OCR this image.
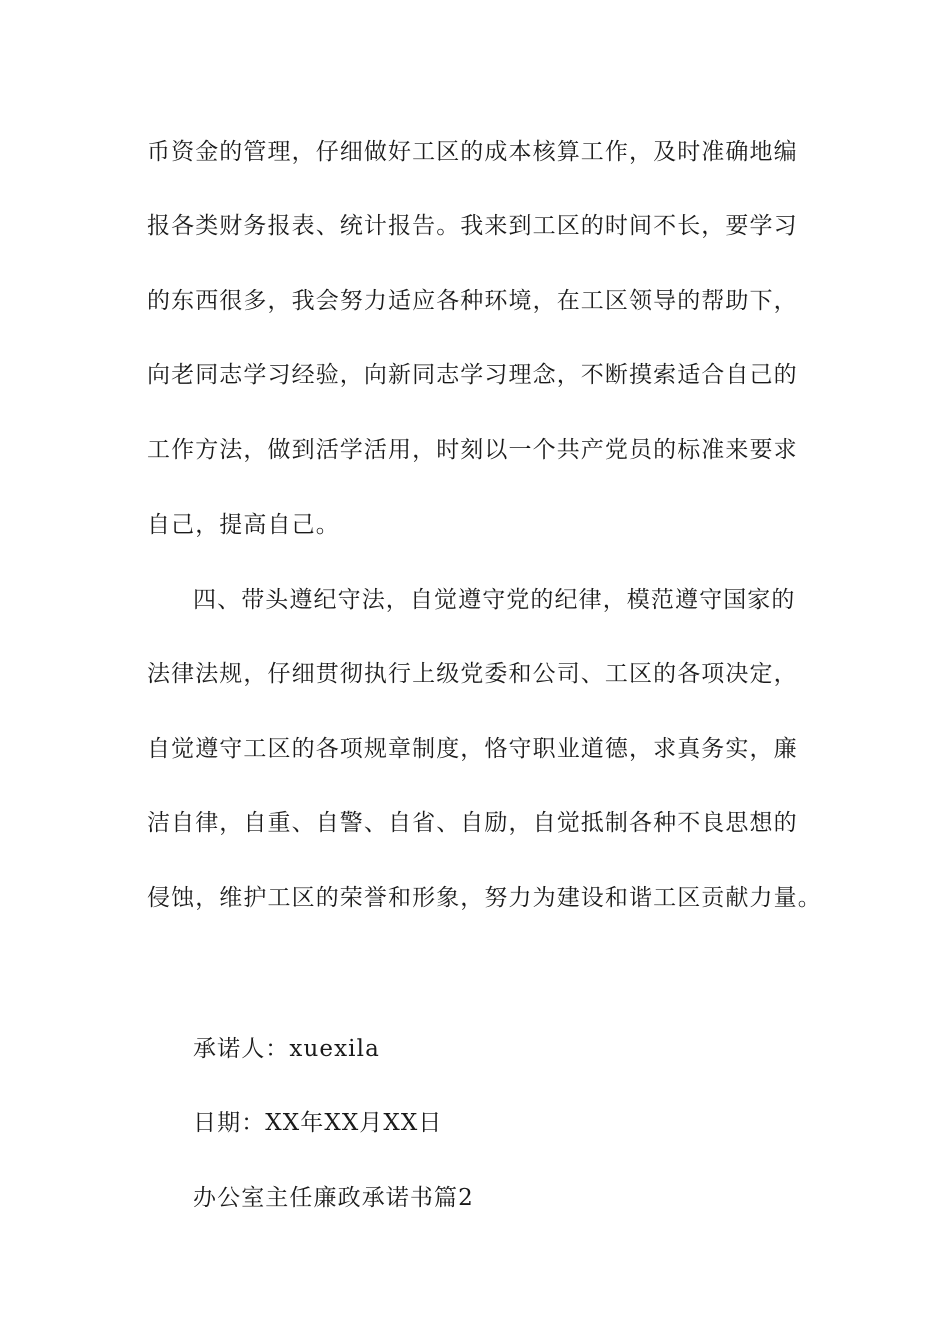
币资金的管理，仔细做好工区的成本核算工作，及时准确地编
报各类财务报表、统计报告。我来到工区的时间不长，要学习
的东西很多，我会努力适应各种环境，在工区领导的帮助下，
向老同志学习经验，向新同志学习理念，不断摸索适合自己的
工作方法，做到活学活用，时刻以一个共产党员的标准来要求
自己，提高自己。
四、带头遵纪守法，自觉遵守党的纪律，模范遵守国家的
法律法规，仔细贯彻执行上级党委和公司、工区的各项决定，
自觉遵守工区的各项规章制度，恪守职业道德，求真务实，廉
洁自律，自重、自警、自省、自励，自觉抵制各种不良思想的
侵蚀，维护工区的荣誉和形象，努力为建设和谐工区贡献力量。
承诺人：xuexila
日期：XX年XX月XX日
办公室主任廉政承诺书篇2
